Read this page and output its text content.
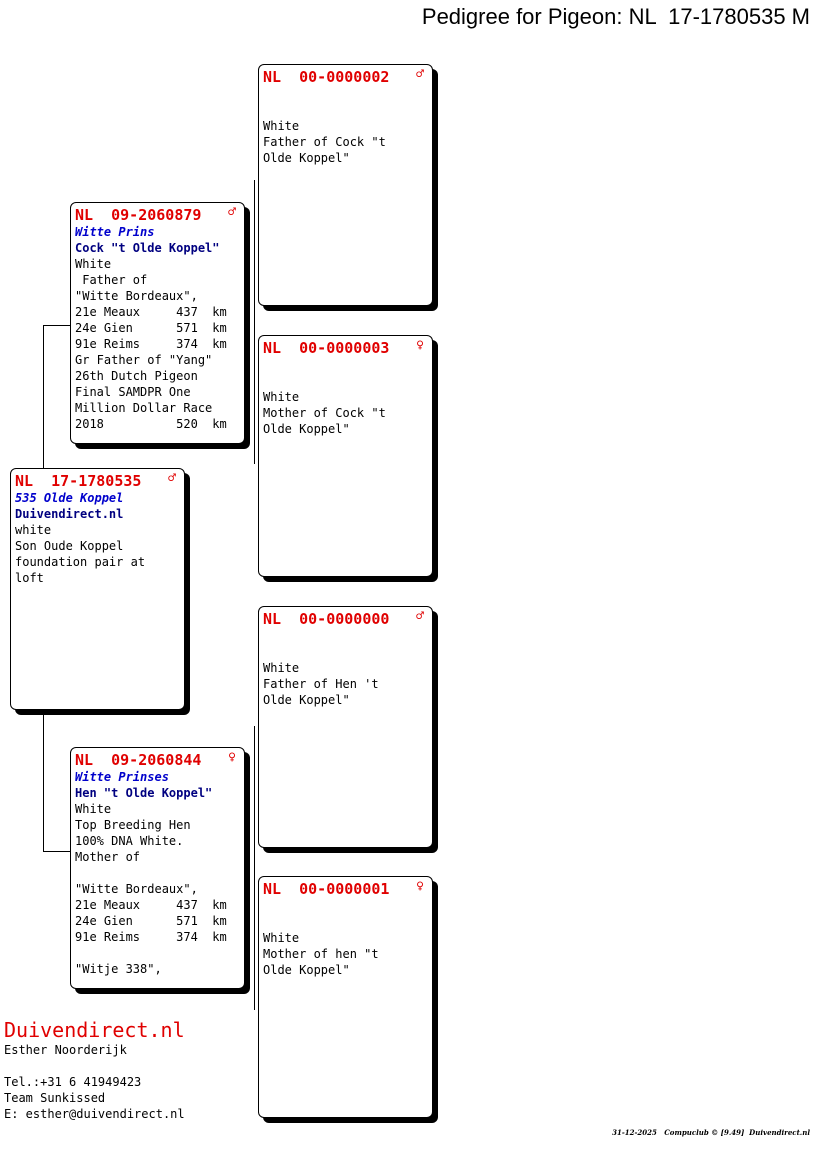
Pedigree for Pigeon: NL  17-1780535 M
NL  17-1780535 ♂
535 Olde Koppel
Duivendirect.nl
white
Son Oude Koppel
foundation pair at
loft
NL  09-2060879 ♂
Witte Prins
Cock "t Olde Koppel"
White
Father of
"Witte Bordeaux",
21e Meaux     437  km
24e Gien      571  km
91e Reims     374  km
Gr Father of "Yang"
26th Dutch Pigeon
Final SAMDPR One
Million Dollar Race
2018          520  km
NL  09-2060844 ♀
Witte Prinses
Hen "t Olde Koppel"
White
Top Breeding Hen
100% DNA White.
Mother of
"Witte Bordeaux",
21e Meaux     437  km
24e Gien      571  km
91e Reims     374  km
"Witje 338",
NL  00-0000002 ♂
White
Father of Cock "t
Olde Koppel"
NL  00-0000003 ♀
White
Mother of Cock "t
Olde Koppel"
NL  00-0000000 ♂
White
Father of Hen 't
Olde Koppel"
NL  00-0000001 ♀
White
Mother of hen "t
Olde Koppel"
Duivendirect.nl
Esther Noorderijk
Tel.:+31 6 41949423
Team Sunkissed
E: esther@duivendirect.nl
31-12-2025   Compuclub © [9.49]  Duivendirect.nl
